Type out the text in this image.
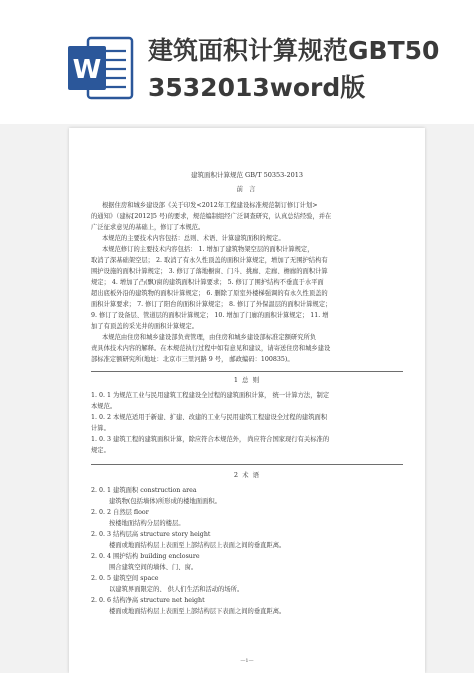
W
建筑面积计算规范GBT50
3532013word版
建筑面积计算规范 GB/T 50353-2013
前 言
根据住房和城乡建设部《关于印发<2012年工程建设标准规范制订修订计划>
的通知》（建标[2012]5 号)的要求，规范编制组经广泛调查研究，认真总结经验，并在
广泛征求意见的基础上，修订了本规范。
本规范的主要技术内容包括：总则、术语、计算建筑面积的规定。
本规范修订的主要技术内容包括： 1. 增加了建筑物架空层的面积计算规定，
取消了深基础架空层； 2. 取消了有永久性顶盖的面积计算规定，增加了无围护结构有
围护设施的面积计算规定； 3. 修订了落地橱窗、门斗、挑廊、走廊、檐廊的面积计算
规定； 4. 增加了凸(飘)窗的建筑面积计算要求； 5. 修订了围护结构不垂直于水平面
超出底板外沿的建筑物的面积计算规定； 6. 删除了原室外楼梯强调的有永久性顶盖的
面积计算要求； 7. 修订了阳台的面积计算规定； 8. 修订了外保温层的面积计算规定；
9. 修订了设备层、管道层的面积计算规定； 10. 增加了门廊的面积计算规定； 11. 增
加了有顶盖的采光井的面积计算规定。
本规范由住房和城乡建设部负责管理，由住房和城乡建设部标准定额研究所负
责具体技术内容的解释。在本规范执行过程中如有意见和建议，请寄送住房和城乡建设
部标准定额研究所(地址：北京市三里河路 9 号， 邮政编码：100835)。
1 总 则
1. 0. 1 为规范工业与民用建筑工程建设全过程的建筑面积计算， 统一计算方法，制定
本规范。
1. 0. 2 本规范适用于新建、扩建、改建的工业与民用建筑工程建设全过程的建筑面积
计算。
1. 0. 3 建筑工程的建筑面积计算，除应符合本规范外， 尚应符合国家现行有关标准的
规定。
2 术 语
2. 0. 1 建筑面积 construction area
建筑物(包括墙体)所形成的楼地面面积。
2. 0. 2 自然层 floor
按楼地面结构分层的楼层。
2. 0. 3 结构层高 structure story height
楼面或地面结构层上表面至上部结构层上表面之间的垂直距离。
2. 0. 4 围护结构 building enclosure
围合建筑空间的墙体、门、窗。
2. 0. 5 建筑空间 space
以建筑界面限定的、 供人们生活和活动的场所。
2. 0. 6 结构净高 structure net height
楼面或地面结构层上表面至上部结构层下表面之间的垂直距离。
—1—
